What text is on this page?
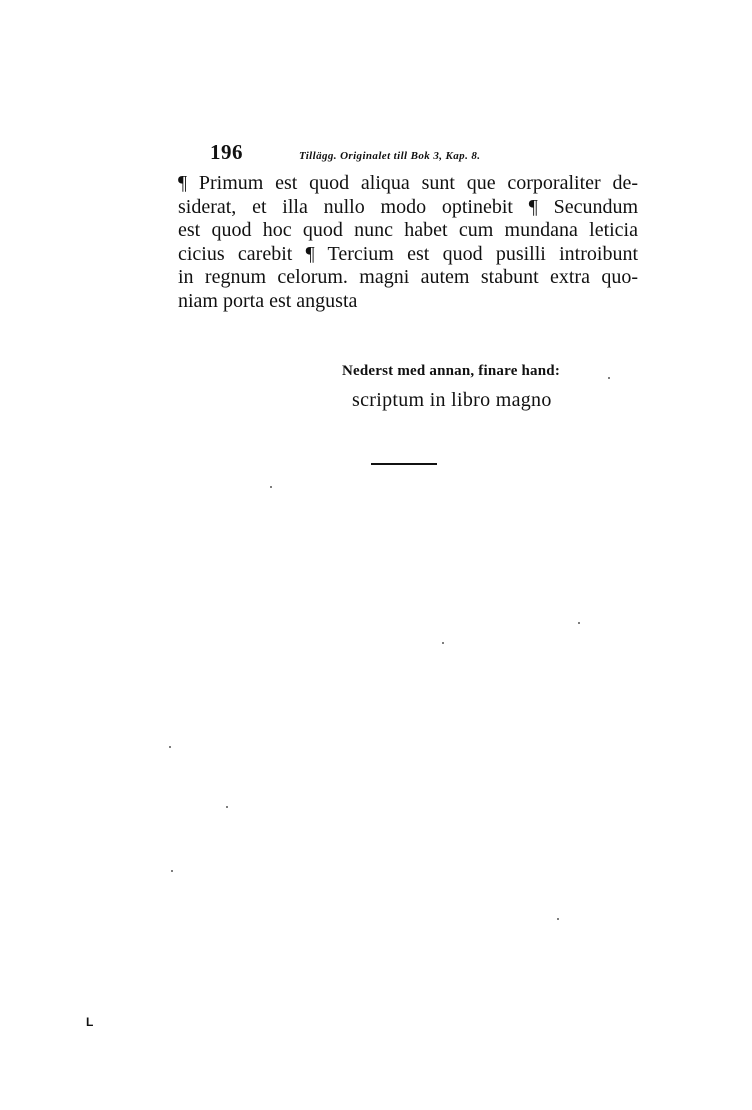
196	Tillägg. Originalet till Bok 3, Kap. 8.
¶ Primum est quod aliqua sunt que corporaliter de-
siderat, et illa nullo modo optinebit ¶ Secundum
est quod hoc quod nunc habet cum mundana leticia
cicius carebit ¶ Tercium est quod pusilli introibunt
in regnum celorum. magni autem stabunt extra quo-
niam porta est angusta
Nederst med annan, finare hand:
scriptum in libro magno
L
